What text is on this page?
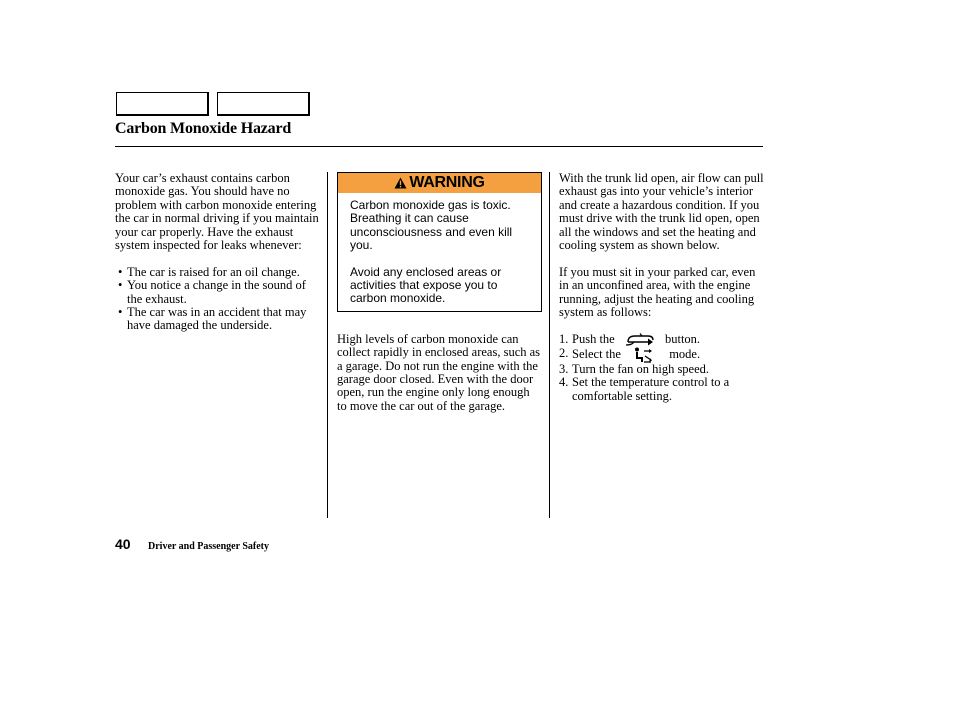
Carbon Monoxide Hazard

Your car’s exhaust contains carbon monoxide gas. You should have no problem with carbon monoxide entering the car in normal driving if you maintain your car properly. Have the exhaust system inspected for leaks whenever:

• The car is raised for an oil change.
• You notice a change in the sound of the exhaust.
• The car was in an accident that may have damaged the underside.
WARNING

Carbon monoxide gas is toxic. Breathing it can cause unconsciousness and even kill you.

Avoid any enclosed areas or activities that expose you to carbon monoxide.

High levels of carbon monoxide can collect rapidly in enclosed areas, such as a garage. Do not run the engine with the garage door closed. Even with the door open, run the engine only long enough to move the car out of the garage.

With the trunk lid open, air flow can pull exhaust gas into your vehicle’s interior and create a hazardous condition. If you must drive with the trunk lid open, open all the windows and set the heating and cooling system as shown below.

If you must sit in your parked car, even in an unconfined area, with the engine running, adjust the heating and cooling system as follows:

1. Push the	button.
2. Select the	mode.
3. Turn the fan on high speed.
4. Set the temperature control to a comfortable setting.
40 Driver and Passenger Safety
